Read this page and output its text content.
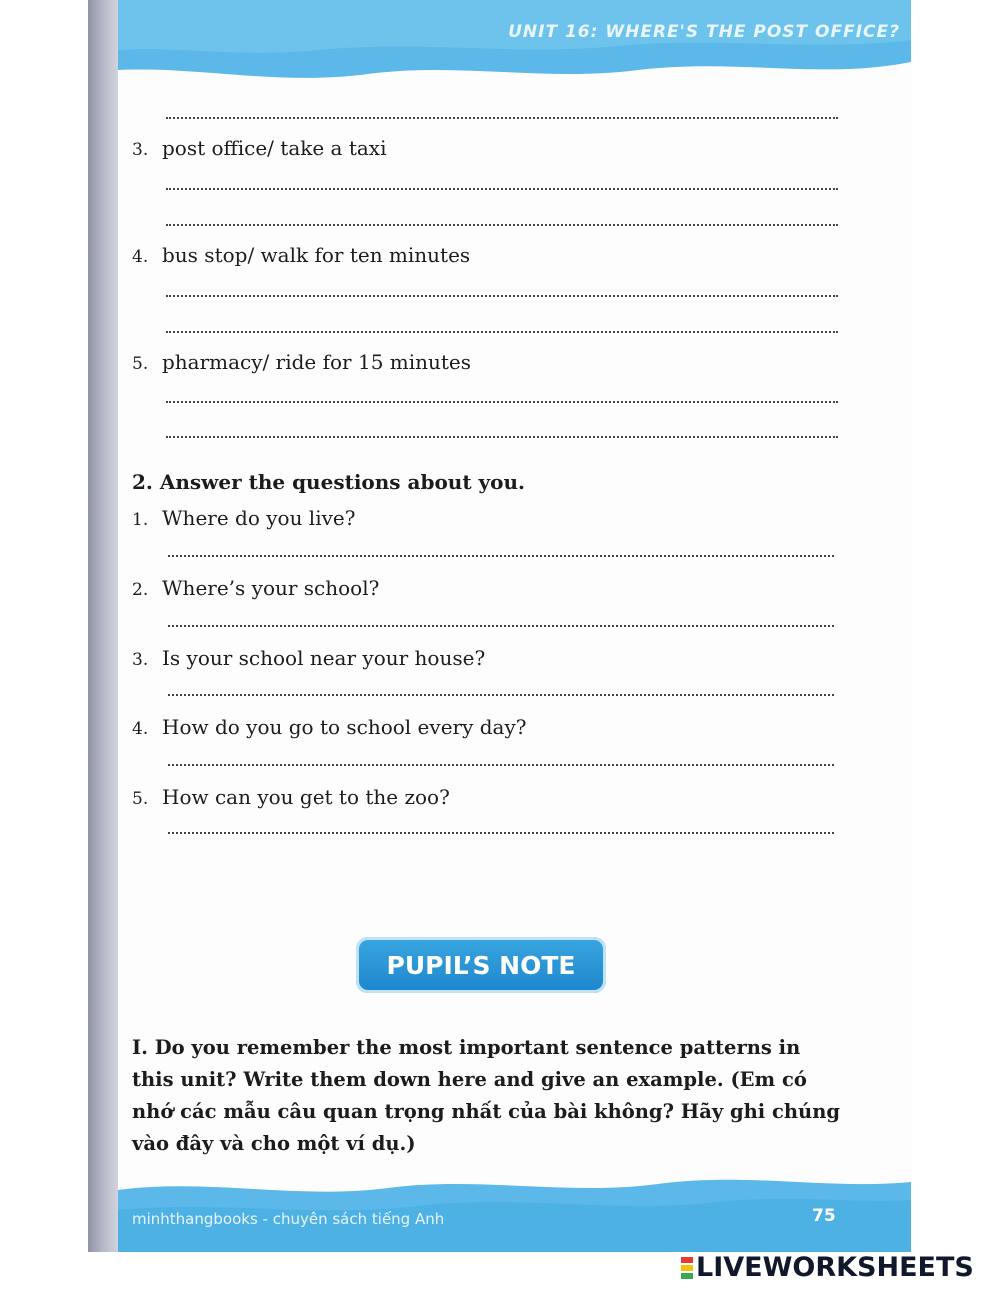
UNIT 16: WHERE'S THE POST OFFICE?
3. post office/ take a taxi
4. bus stop/ walk for ten minutes
5. pharmacy/ ride for 15 minutes
2. Answer the questions about you.
1. Where do you live?
2. Where’s your school?
3. Is your school near your house?
4. How do you go to school every day?
5. How can you get to the zoo?
PUPIL’S NOTE
I. Do you remember the most important sentence patterns in this unit? Write them down here and give an example. (Em có nhớ các mẫu câu quan trọng nhất của bài không? Hãy ghi chúng vào đây và cho một ví dụ.)
minhthangbooks - chuyên sách tiếng Anh	75
LIVEWORKSHEETS
